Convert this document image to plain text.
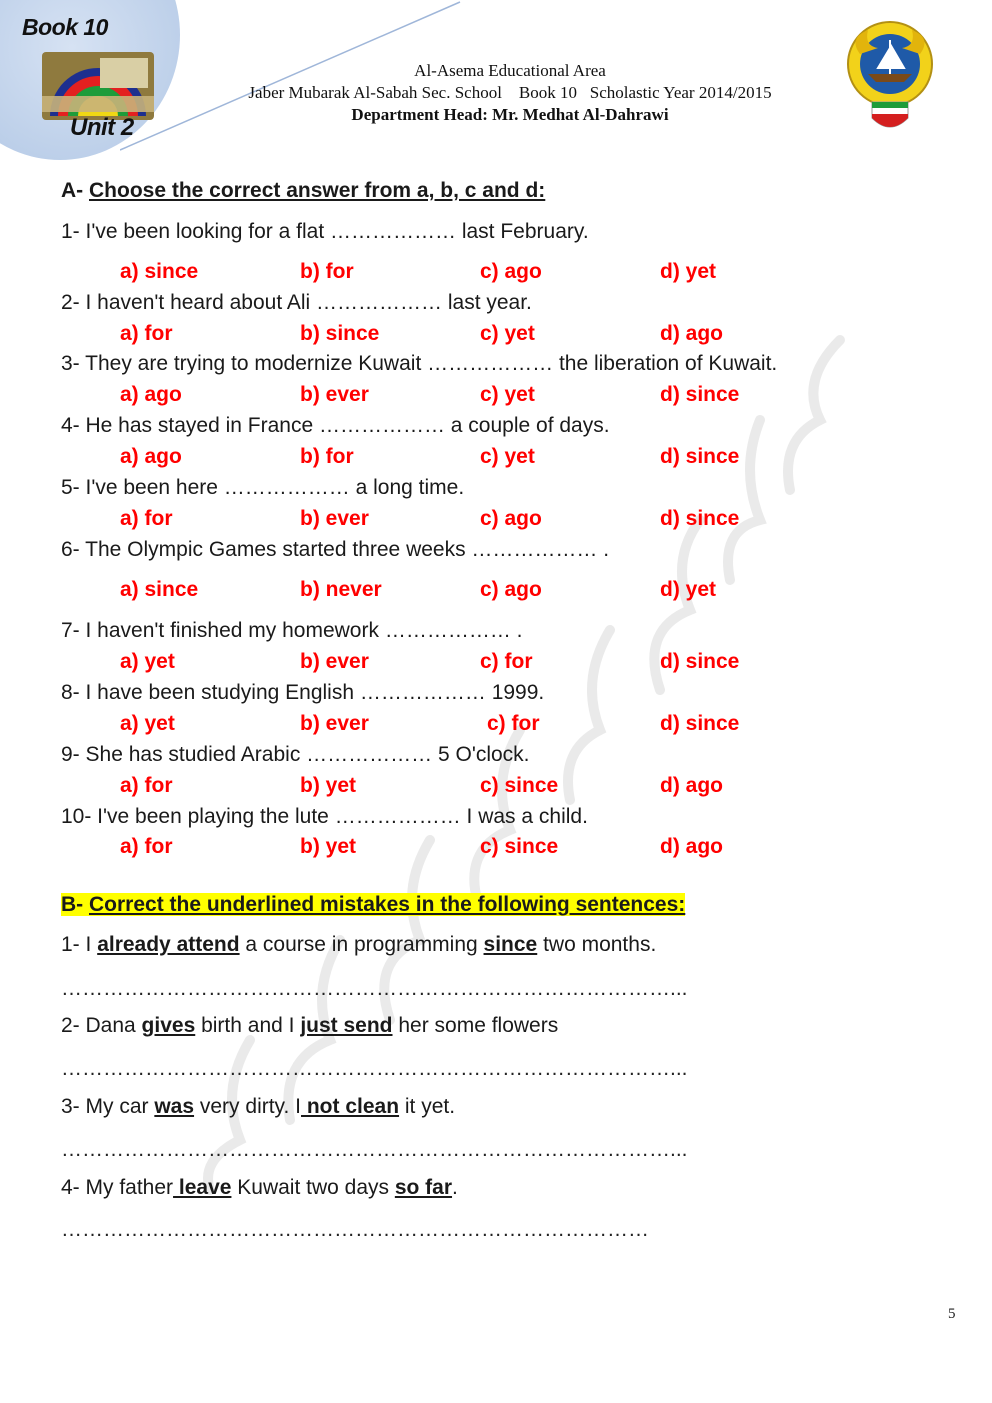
Book 10
Unit 2
Al-Asema Educational Area
Jaber Mubarak Al-Sabah Sec. School    Book 10   Scholastic Year 2014/2015
Department Head: Mr. Medhat Al-Dahrawi
A- Choose the correct answer from a, b, c and d:
1- I've been looking for a flat ……………… last February.
a) since	b) for	c) ago	d) yet
2- I haven't heard about Ali ……………… last year.
a) for	b) since	c) yet	d) ago
3- They are trying to modernize Kuwait ……………… the liberation of Kuwait.
a) ago	b) ever	c) yet	d) since
4- He has stayed in France ……………… a couple of days.
a) ago	b) for	c) yet	d) since
5- I've been here ……………… a long time.
a) for	b) ever	c) ago	d) since
6- The Olympic Games started three weeks ……………… .
a) since	b) never	c) ago	d) yet
7- I haven't finished my homework ……………… .
a) yet	b) ever	c) for	d) since
8- I have been studying English ……………… 1999.
a) yet	b) ever	c) for	d) since
9- She has studied Arabic ……………… 5 O'clock.
a) for	b) yet	c) since	d) ago
10- I've been playing the lute ……………… I was a child.
a) for	b) yet	c) since	d) ago
B- Correct the underlined mistakes in the following sentences:
1- I already attend a course in programming since two months.
……………………………………………………………………………...
2- Dana gives birth and I just send her some flowers
……………………………………………………………………………...
3- My car was very dirty. I not clean it yet.
……………………………………………………………………………...
4- My father leave Kuwait two days so far.
…………………………………………………………………………
5
